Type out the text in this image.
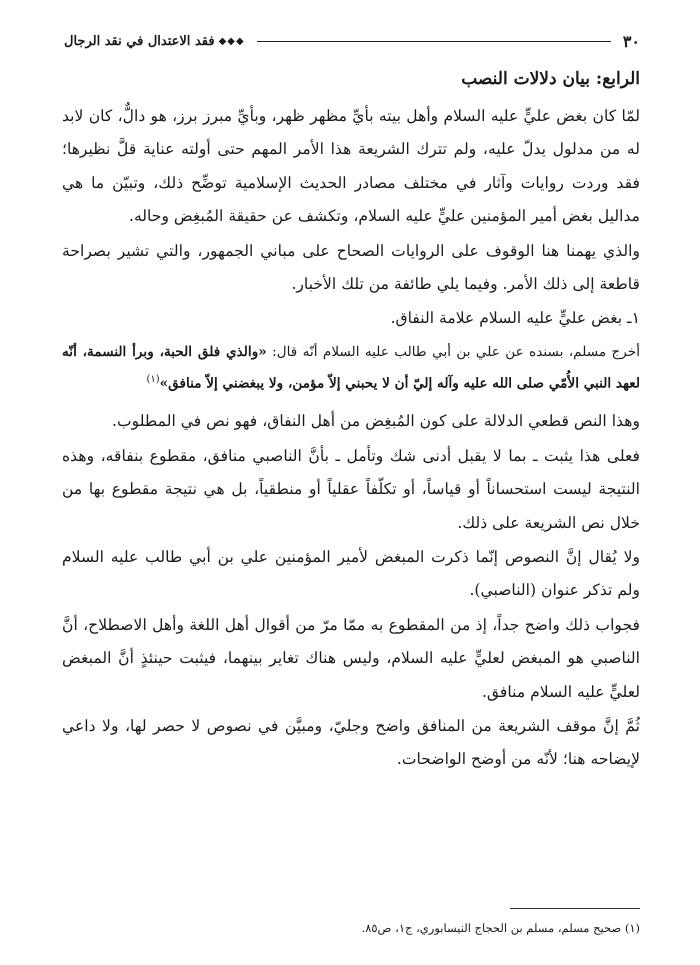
٣٠
◆◆◆
فقد الاعتدال في نقد الرجال
الرابع: بيان دلالات النصب

لمّا كان بغض عليٍّ عليه السلام وأهل بيته بأيِّ مظهر ظهر، وبأيِّ مبرز برز، هو دالٌّ، كان لابد له من مدلول يدلّ عليه، ولم تترك الشريعة هذا الأمر المهم حتى أولته عناية قلَّ نظيرها؛ فقد وردت روايات وآثار في مختلف مصادر الحديث الإسلامية توضِّح ذلك، وتبيّن ما هي مداليل بغض أمير المؤمنين عليٍّ عليه السلام، وتكشف عن حقيقة المُبغِض وحاله.

والذي يهمنا هنا الوقوف على الروايات الصحاح على مباني الجمهور، والتي تشير بصراحة قاطعة إلى ذلك الأمر. وفيما يلي طائفة من تلك الأخبار.

١ـ بغض عليٍّ عليه السلام علامة النفاق.

أخرج مسلم، بسنده عن علي بن أبي طالب عليه السلام أنّه قال: «والذي فلق الحبة، وبرأ النسمة، أنّه لعهد النبي الأُمّي صلى الله عليه وآله إليّ أن لا يحبني إلاّ مؤمن، ولا يبغضني إلاّ منافق»$^{(١)}$

وهذا النص قطعي الدلالة على كون المُبغِض من أهل النفاق، فهو نص في المطلوب.

فعلى هذا يثبت ـ بما لا يقبل أدنى شك وتأمل ـ بأنَّ الناصبي منافق، مقطوع بنفاقه، وهذه النتيجة ليست استحساناً أو قياساً، أو تكلّفاً عقلياً أو منطقياً، بل هي نتيجة مقطوع بها من خلال نص الشريعة على ذلك.

ولا يُقال إنَّ النصوص إنّما ذكرت المبغض لأمير المؤمنين علي بن أبي طالب عليه السلام ولم تذكر عنوان (الناصبي).

فجواب ذلك واضح جداً، إذ من المقطوع به ممّا مرّ من أقوال أهل اللغة وأهل الاصطلاح، أنَّ الناصبي هو المبغض لعليٍّ عليه السلام، وليس هناك تغاير بينهما، فيثبت حينئذٍ أنَّ المبغض لعليٍّ عليه السلام منافق.

ثُمَّ إنَّ موقف الشريعة من المنافق واضح وجليّ، ومبيَّن في نصوص لا حصر لها، ولا داعي لإيضاحه هنا؛ لأنّه من أوضح الواضحات.

(١) صحيح مسلم، مسلم بن الحجاج النيسابوري، ج١، ص٨٥.
